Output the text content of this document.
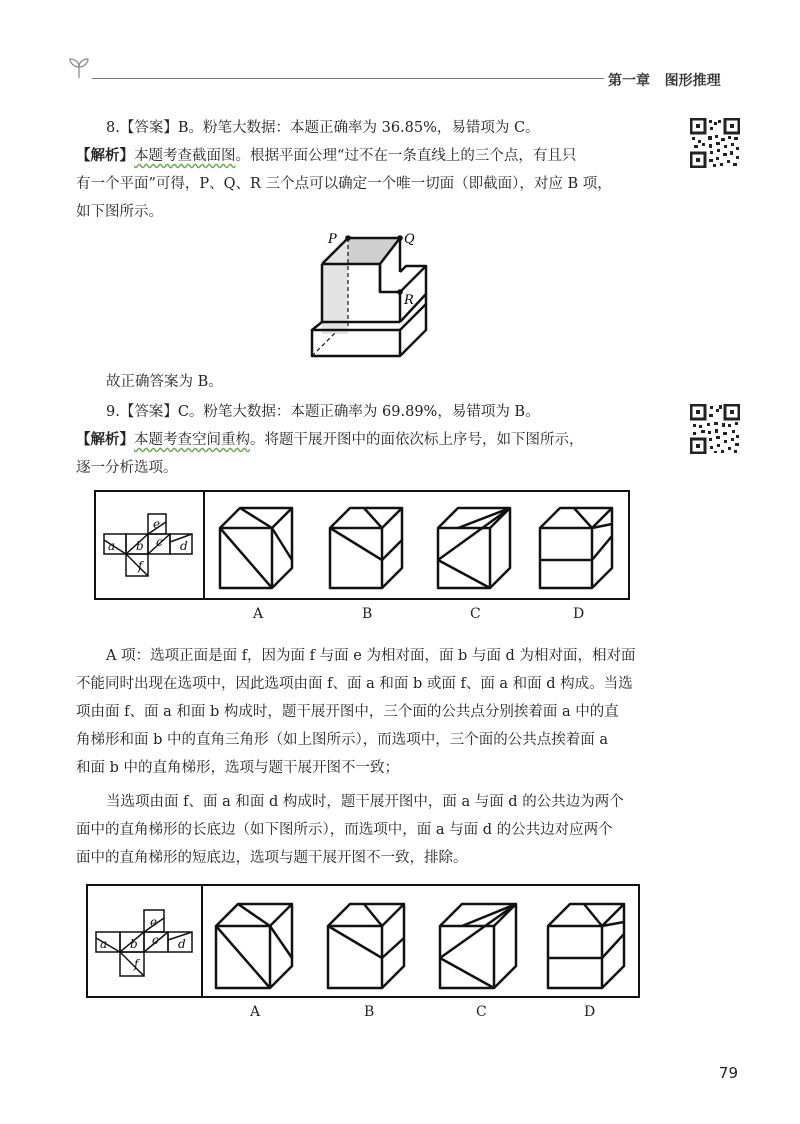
第一章 图形推理
8.【答案】B。粉笔大数据：本题正确率为 36.85%，易错项为 C。
【解析】本题考查截面图。根据平面公理“过不在一条直线上的三个点，有且只
有一个平面”可得，P、Q、R 三个点可以确定一个唯一切面（即截面），对应 B 项，
如下图所示。
P	Q
R
故正确答案为 B。
9.【答案】C。粉笔大数据：本题正确率为 69.89%，易错项为 B。
【解析】本题考查空间重构。将题干展开图中的面依次标上序号，如下图所示，
逐一分析选项。
a b c d
e
f
A	B	C	D
A 项：选项正面是面 f，因为面 f 与面 e 为相对面，面 b 与面 d 为相对面，相对面
不能同时出现在选项中，因此选项由面 f、面 a 和面 b 或面 f、面 a 和面 d 构成。当选
项由面 f、面 a 和面 b 构成时，题干展开图中，三个面的公共点分别挨着面 a 中的直
角梯形和面 b 中的直角三角形（如上图所示），而选项中，三个面的公共点挨着面 a
和面 b 中的直角梯形，选项与题干展开图不一致；
当选项由面 f、面 a 和面 d 构成时，题干展开图中，面 a 与面 d 的公共边为两个
面中的直角梯形的长底边（如下图所示），而选项中，面 a 与面 d 的公共边对应两个
面中的直角梯形的短底边，选项与题干展开图不一致，排除。
a b c d
e
f
A	B	C	D
79
